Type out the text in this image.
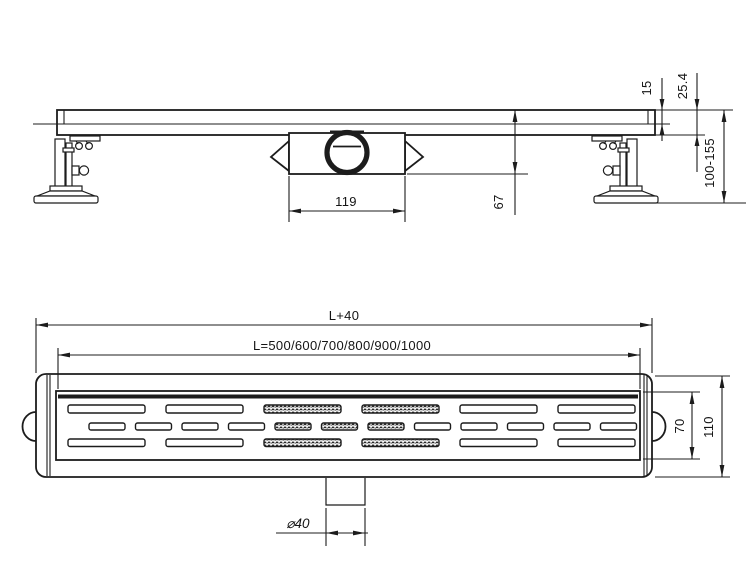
119	67
15 25.4
100-155
L+40
L=500/600/700/800/900/1000
70 110
⌀40
